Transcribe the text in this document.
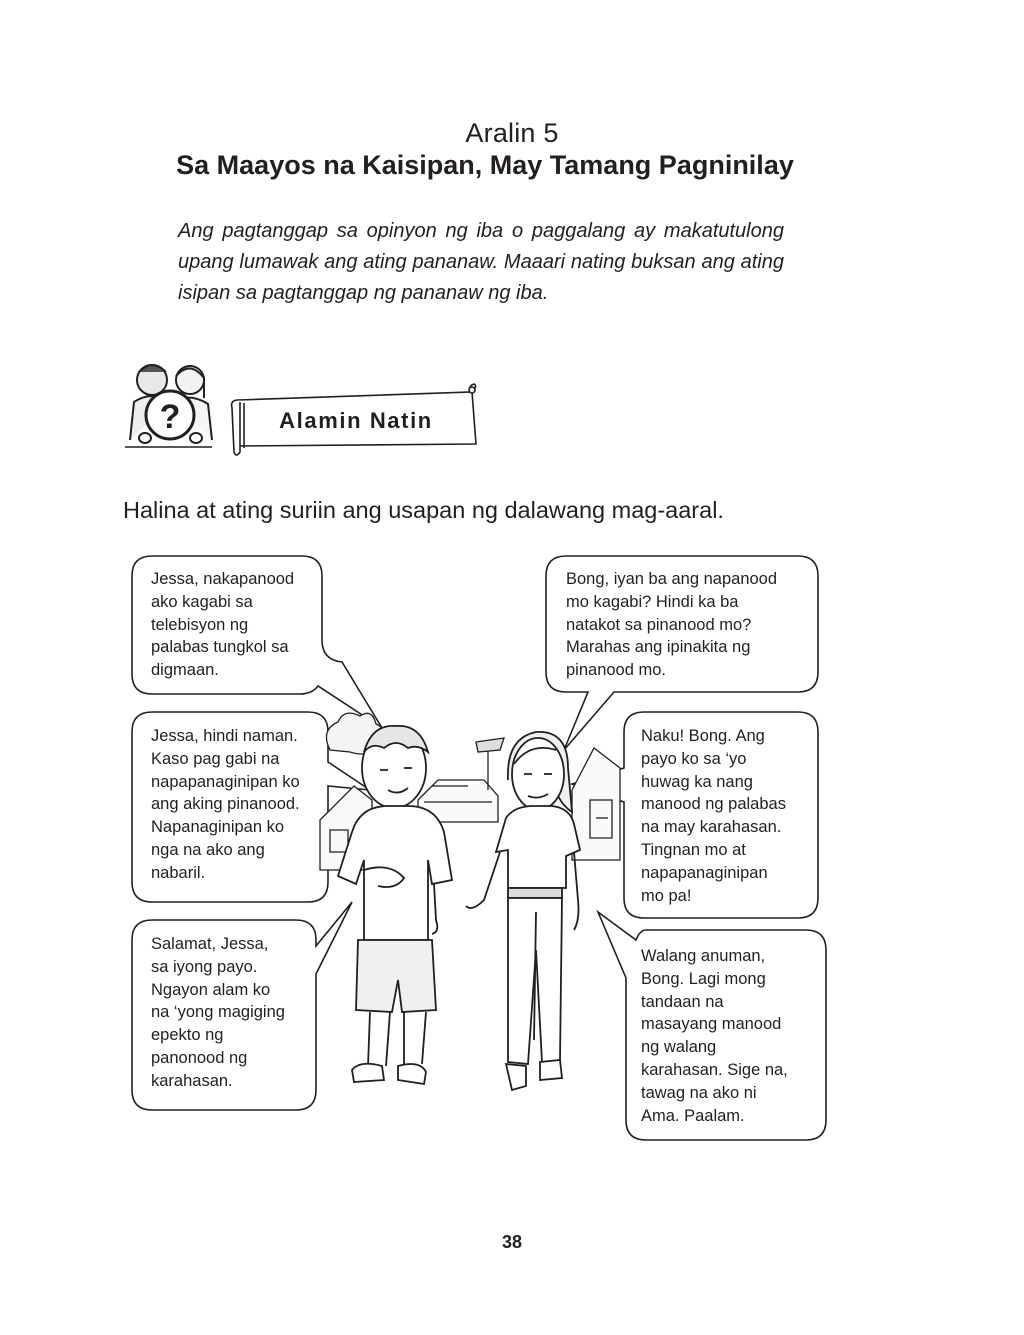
Aralin 5
Sa Maayos na Kaisipan, May Tamang Pagninilay
Ang pagtanggap sa opinyon ng iba o paggalang ay makatutulong upang lumawak ang ating pananaw. Maaari nating buksan ang ating isipan sa pagtanggap ng pananaw ng iba.
?	Alamin Natin
Halina at ating suriin ang usapan ng dalawang mag-aaral.
Jessa, nakapanood
ako kagabi sa
telebisyon ng
palabas tungkol sa
digmaan.
Bong, iyan ba ang napanood
mo kagabi? Hindi ka ba
natakot sa pinanood mo?
Marahas ang ipinakita ng
pinanood mo.
Jessa, hindi naman.
Kaso pag gabi na
napapanaginipan ko
ang aking pinanood.
Napanaginipan ko
nga na ako ang
nabaril.
Naku! Bong. Ang
payo ko sa ‘yo
huwag ka nang
manood ng palabas
na may karahasan.
Tingnan mo at
napapanaginipan
mo pa!
Salamat, Jessa,
sa iyong payo.
Ngayon alam ko
na ‘yong magiging
epekto ng
panonood ng
karahasan.
Walang anuman,
Bong. Lagi mong
tandaan na
masayang manood
ng walang
karahasan. Sige na,
tawag na ako ni
Ama. Paalam.
38
